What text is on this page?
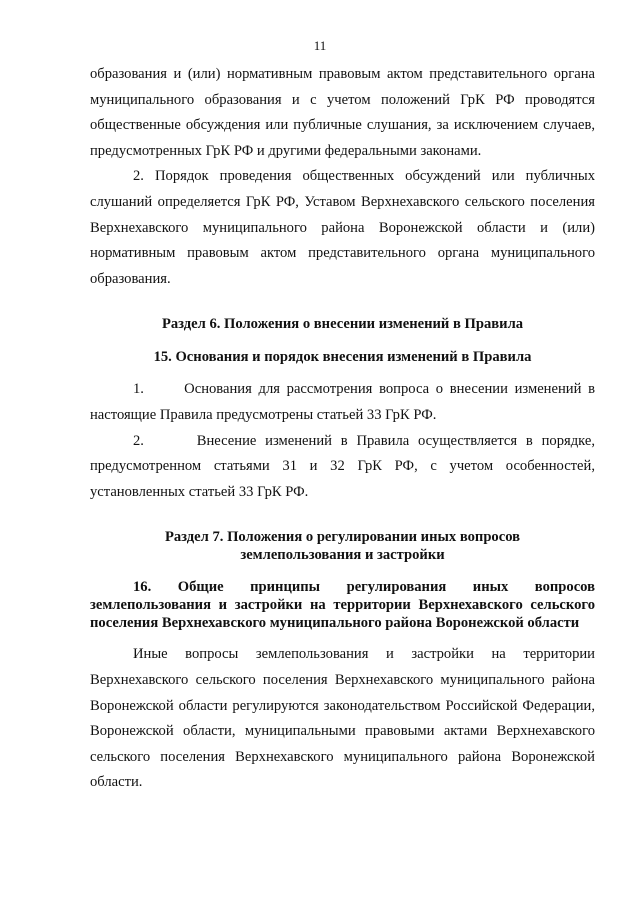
11

образования и (или) нормативным правовым актом представительного органа муниципального образования и с учетом положений ГрК РФ проводятся общественные обсуждения или публичные слушания, за исключением случаев, предусмотренных ГрК РФ и другими федеральными законами.

2. Порядок проведения общественных обсуждений или публичных слушаний определяется ГрК РФ, Уставом Верхнехавского сельского поселения Верхнехавского муниципального района Воронежской области и (или) нормативным правовым актом представительного органа муниципального образования.

Раздел 6. Положения о внесении изменений в Правила

15. Основания и порядок внесения изменений в Правила

1.      Основания для рассмотрения вопроса о внесении изменений в настоящие Правила предусмотрены статьей 33 ГрК РФ.

2.      Внесение изменений в Правила осуществляется в порядке, предусмотренном статьями 31 и 32 ГрК РФ, с учетом особенностей, установленных статьей 33 ГрК РФ.

Раздел 7. Положения о регулировании иных вопросов
землепользования и застройки

16. Общие принципы регулирования иных вопросов землепользования и застройки на территории Верхнехавского сельского поселения Верхнехавского муниципального района Воронежской области

Иные вопросы землепользования и застройки на территории Верхнехавского сельского поселения Верхнехавского муниципального района Воронежской области регулируются законодательством Российской Федерации, Воронежской области, муниципальными правовыми актами Верхнехавского сельского поселения Верхнехавского муниципального района Воронежской области.
